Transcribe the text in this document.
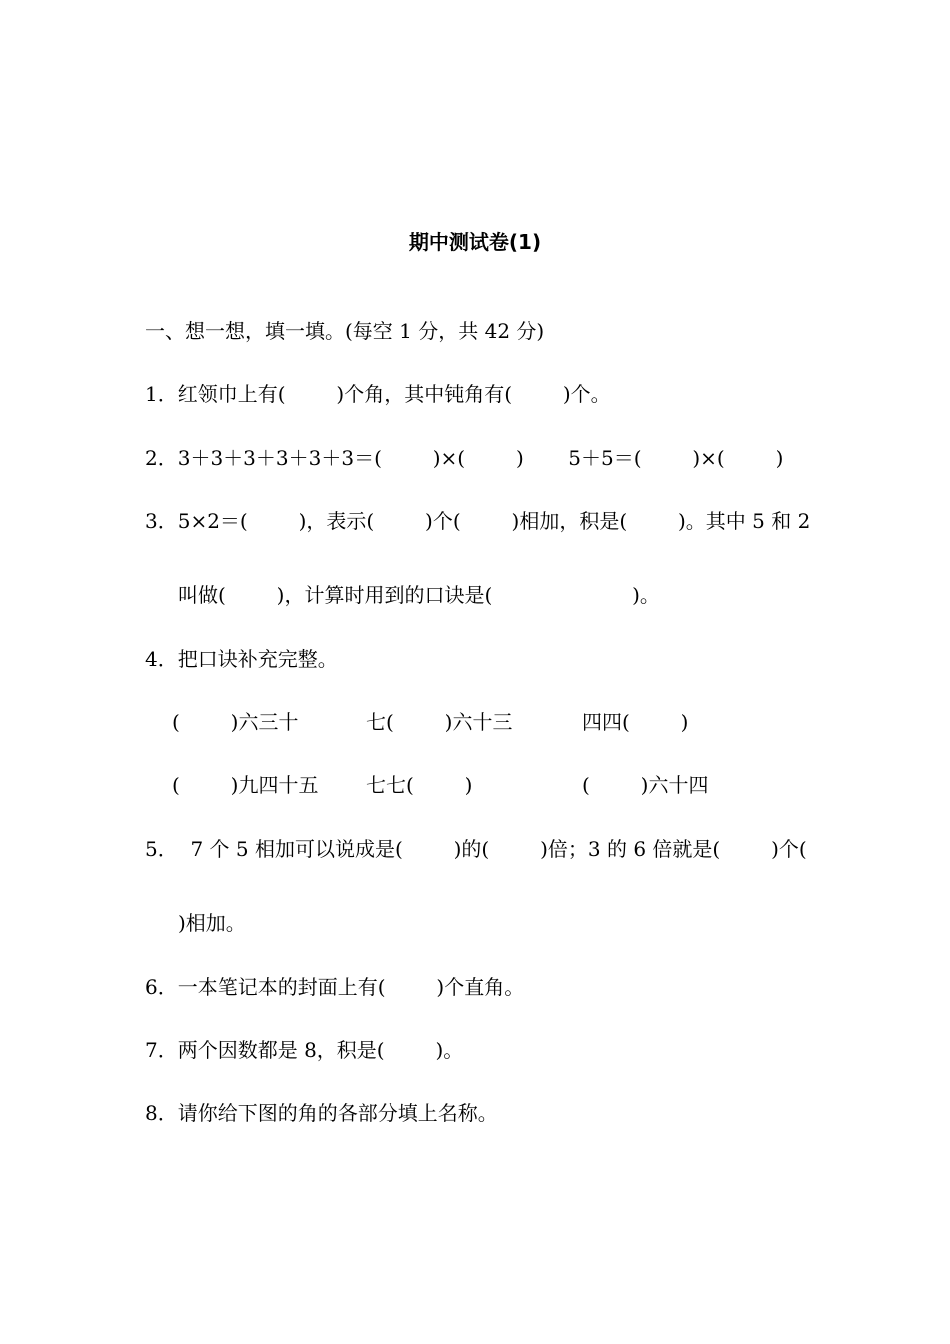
期中测试卷(1)
一、想一想，填一填。(每空 1 分，共 42 分)
1．红领巾上有(        )个角，其中钝角有(        )个。
2．3＋3＋3＋3＋3＋3＝(        )×(        )       5＋5＝(        )×(        )
3．5×2＝(        )，表示(        )个(        )相加，积是(        )。其中 5 和 2
叫做(        )，计算时用到的口诀是(                      )。
4．把口诀补充完整。
(        )六三十	七(        )六十三	四四(        )
(        )九四十五 七七(        )	(        )六十四
5．  7 个 5 相加可以说成是(        )的(        )倍；3 的 6 倍就是(        )个(
)相加。
6．一本笔记本的封面上有(        )个直角。
7．两个因数都是 8，积是(        )。
8．请你给下图的角的各部分填上名称。
